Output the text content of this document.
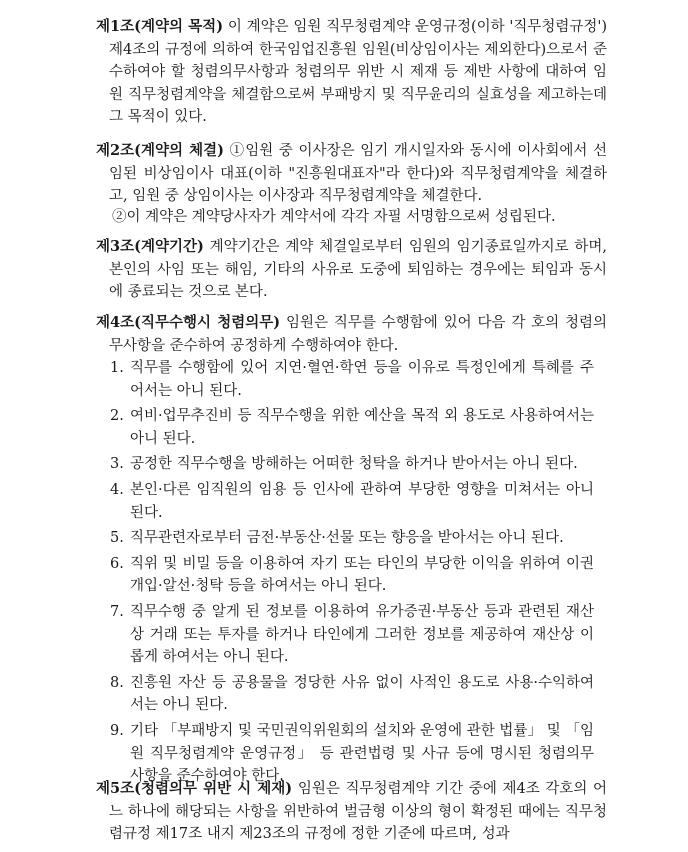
제1조(계약의 목적) 이 계약은 임원 직무청렴계약 운영규정(이하 '직무청렴규정') 제4조의 규정에 의하여 한국임업진흥원 임원(비상임이사는 제외한다)으로서 준수하여야 할 청렴의무사항과 청렴의무 위반 시 제재 등 제반 사항에 대하여 임원 직무청렴계약을 체결함으로써 부패방지 및 직무윤리의 실효성을 제고하는데 그 목적이 있다.
제2조(계약의 체결) ①임원 중 이사장은 임기 개시일자와 동시에 이사회에서 선임된 비상임이사 대표(이하 "진흥원대표자"라 한다)와 직무청렴계약을 체결하고, 임원 중 상임이사는 이사장과 직무청렴계약을 체결한다.
②이 계약은 계약당사자가 계약서에 각각 자필 서명함으로써 성립된다.
제3조(계약기간) 계약기간은 계약 체결일로부터 임원의 임기종료일까지로 하며, 본인의 사임 또는 해임, 기타의 사유로 도중에 퇴임하는 경우에는 퇴임과 동시에 종료되는 것으로 본다.
제4조(직무수행시 청렴의무) 임원은 직무를 수행함에 있어 다음 각 호의 청렴의무사항을 준수하여 공정하게 수행하여야 한다.
1. 직무를 수행함에 있어 지연·혈연·학연 등을 이유로 특정인에게 특혜를 주어서는 아니 된다.
2. 여비·업무추진비 등 직무수행을 위한 예산을 목적 외 용도로 사용하여서는 아니 된다.
3. 공정한 직무수행을 방해하는 어떠한 청탁을 하거나 받아서는 아니 된다.
4. 본인·다른 임직원의 임용 등 인사에 관하여 부당한 영향을 미쳐서는 아니 된다.
5. 직무관련자로부터 금전·부동산·선물 또는 향응을 받아서는 아니 된다.
6. 직위 및 비밀 등을 이용하여 자기 또는 타인의 부당한 이익을 위하여 이권 개입·알선·청탁 등을 하여서는 아니 된다.
7. 직무수행 중 알게 된 정보를 이용하여 유가증권·부동산 등과 관련된 재산상 거래 또는 투자를 하거나 타인에게 그러한 정보를 제공하여 재산상 이롭게 하여서는 아니 된다.
8. 진흥원 자산 등 공용물을 정당한 사유 없이 사적인 용도로 사용·수익하여서는 아니 된다.
9. 기타 「부패방지 및 국민권익위원회의 설치와 운영에 관한 법률」 및 「임원 직무청렴계약 운영규정」 등 관련법령 및 사규 등에 명시된 청렴의무 사항을 준수하여야 한다.
제5조(청렴의무 위반 시 제재) 임원은 직무청렴계약 기간 중에 제4조 각호의 어느 하나에 해당되는 사항을 위반하여 벌금형 이상의 형이 확정된 때에는 직무청렴규정 제17조 내지 제23조의 규정에 정한 기준에 따르며, 성과
